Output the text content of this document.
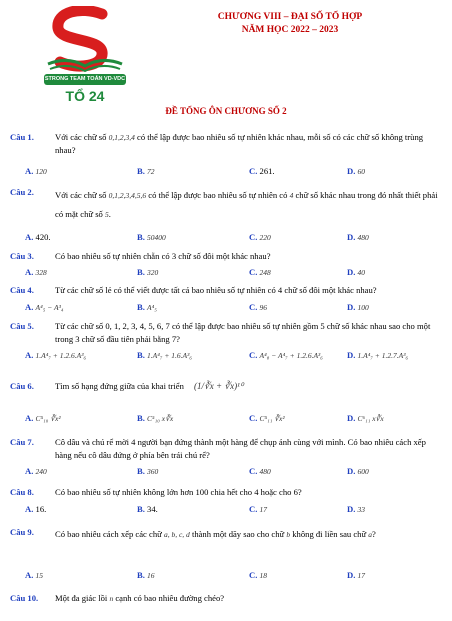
STRONG TEAM TOÁN VD-VDC
TỔ 24
CHƯƠNG VIII – ĐẠI SỐ TỔ HỢP
NĂM HỌC 2022 – 2023
ĐỀ TỔNG ÔN CHƯƠNG SỐ 2
Câu 1. Với các chữ số 0,1,2,3,4 có thể lập được bao nhiêu số tự nhiên khác nhau, mỗi số có các chữ số không trùng nhau?
A. 120	B. 72	C. 261.	D. 60
Câu 2. Với các chữ số 0,1,2,3,4,5,6 có thể lập được bao nhiêu số tự nhiên có 4 chữ số khác nhau trong đó nhất thiết phải có mặt chữ số 5.
A. 420.	B. 50400	C. 220	D. 480
Câu 3. Có bao nhiêu số tự nhiên chẵn có 3 chữ số đôi một khác nhau?
A. 328	B. 320	C. 248	D. 40
Câu 4. Từ các chữ số lẻ có thể viết được tất cả bao nhiêu số tự nhiên có 4 chữ số đôi một khác nhau?
A. A⁴₅ − A³₄	B. A⁴₅	C. 96	D. 100
Câu 5. Từ các chữ số 0, 1, 2, 3, 4, 5, 6, 7 có thể lập được bao nhiêu số tự nhiên gồm 5 chữ số khác nhau sao cho một trong 3 chữ số đầu tiên phải bằng 7?
A. 1.A⁴₇ + 1.2.6.A³₆	B. 1.A⁴₇ + 1.6.A³₆	C. A⁴₈ − A⁴₇ + 1.2.6.A³₆	D. 1.A⁴₇ + 1.2.7.A³₆
Câu 6. Tìm số hạng đứng giữa của khai triển (1/∛x + ∛x)¹⁰
A. C⁵₁₀ ∛x²	B. C⁵₁₀ x∛x	C. C⁵₁₁ ∛x²	D. C⁶₁₁ x∛x
Câu 7. Cô dâu và chú rể mời 4 người bạn đứng thành một hàng để chụp ảnh cùng với mình. Có bao nhiêu cách xếp hàng nếu cô dâu đứng ở phía bên trái chú rể?
A. 240	B. 360	C. 480	D. 600
Câu 8. Có bao nhiêu số tự nhiên không lớn hơn 100 chia hết cho 4 hoặc cho 6?
A. 16.	B. 34.	C. 17	D. 33
Câu 9. Có bao nhiêu cách xếp các chữ a, b, c, d thành một dãy sao cho chữ b không đi liền sau chữ a?
A. 15	B. 16	C. 18	D. 17
Câu 10. Một đa giác lồi n cạnh có bao nhiêu đường chéo?
